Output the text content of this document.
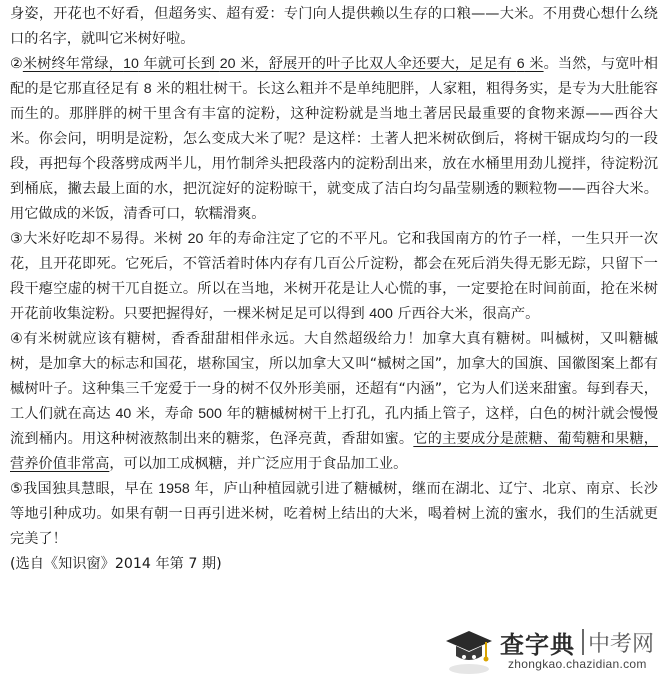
身姿，开花也不好看，但超务实、超有爱：专门向人提供赖以生存的口粮——大米。不用费心想什么绕口的名字，就叫它米树好啦。

②米树终年常绿，10 年就可长到 20 米，舒展开的叶子比双人伞还要大，足足有 6 米。当然，与宽叶相配的是它那直径足有 8 米的粗壮树干。长这么粗并不是单纯肥胖，人家粗，粗得务实，是专为大肚能容而生的。那胖胖的树干里含有丰富的淀粉，这种淀粉就是当地土著居民最重要的食物来源——西谷大米。你会问，明明是淀粉，怎么变成大米了呢？是这样：土著人把米树砍倒后，将树干锯成均匀的一段段，再把每个段落劈成两半儿，用竹制斧头把段落内的淀粉刮出来，放在水桶里用劲儿搅拌，待淀粉沉到桶底，撇去最上面的水，把沉淀好的淀粉晾干，就变成了洁白均匀晶莹剔透的颗粒物——西谷大米。用它做成的米饭，清香可口，软糯滑爽。

③大米好吃却不易得。米树 20 年的寿命注定了它的不平凡。它和我国南方的竹子一样，一生只开一次花，且开花即死。它死后，不管活着时体内存有几百公斤淀粉，都会在死后消失得无影无踪，只留下一段干瘪空虚的树干兀自挺立。所以在当地，米树开花是让人心慌的事，一定要抢在时间前面，抢在米树开花前收集淀粉。只要把握得好，一棵米树足足可以得到 400 斤西谷大米，很高产。

④有米树就应该有糖树，香香甜甜相伴永远。大自然超级给力！加拿大真有糖树。叫槭树，又叫糖槭树，是加拿大的标志和国花，堪称国宝，所以加拿大又叫“槭树之国”，加拿大的国旗、国徽图案上都有槭树叶子。这种集三千宠爱于一身的树不仅外形美丽，还超有“内涵”，它为人们送来甜蜜。每到春天，工人们就在高达 40 米，寿命 500 年的糖槭树树干上打孔，孔内插上管子，这样，白色的树汁就会慢慢流到桶内。用这种树液熬制出来的糖浆，色泽亮黄，香甜如蜜。它的主要成分是蔗糖、葡萄糖和果糖，营养价值非常高，可以加工成枫糖，并广泛应用于食品加工业。

⑤我国独具慧眼，早在 1958 年，庐山种植园就引进了糖槭树，继而在湖北、辽宁、北京、南京、长沙等地引种成功。如果有朝一日再引进米树，吃着树上结出的大米，喝着树上流的蜜水，我们的生活就更完美了！

(选自《知识窗》2014 年第 7 期)

查字典 中考网
zhongkao.chazidian.com
